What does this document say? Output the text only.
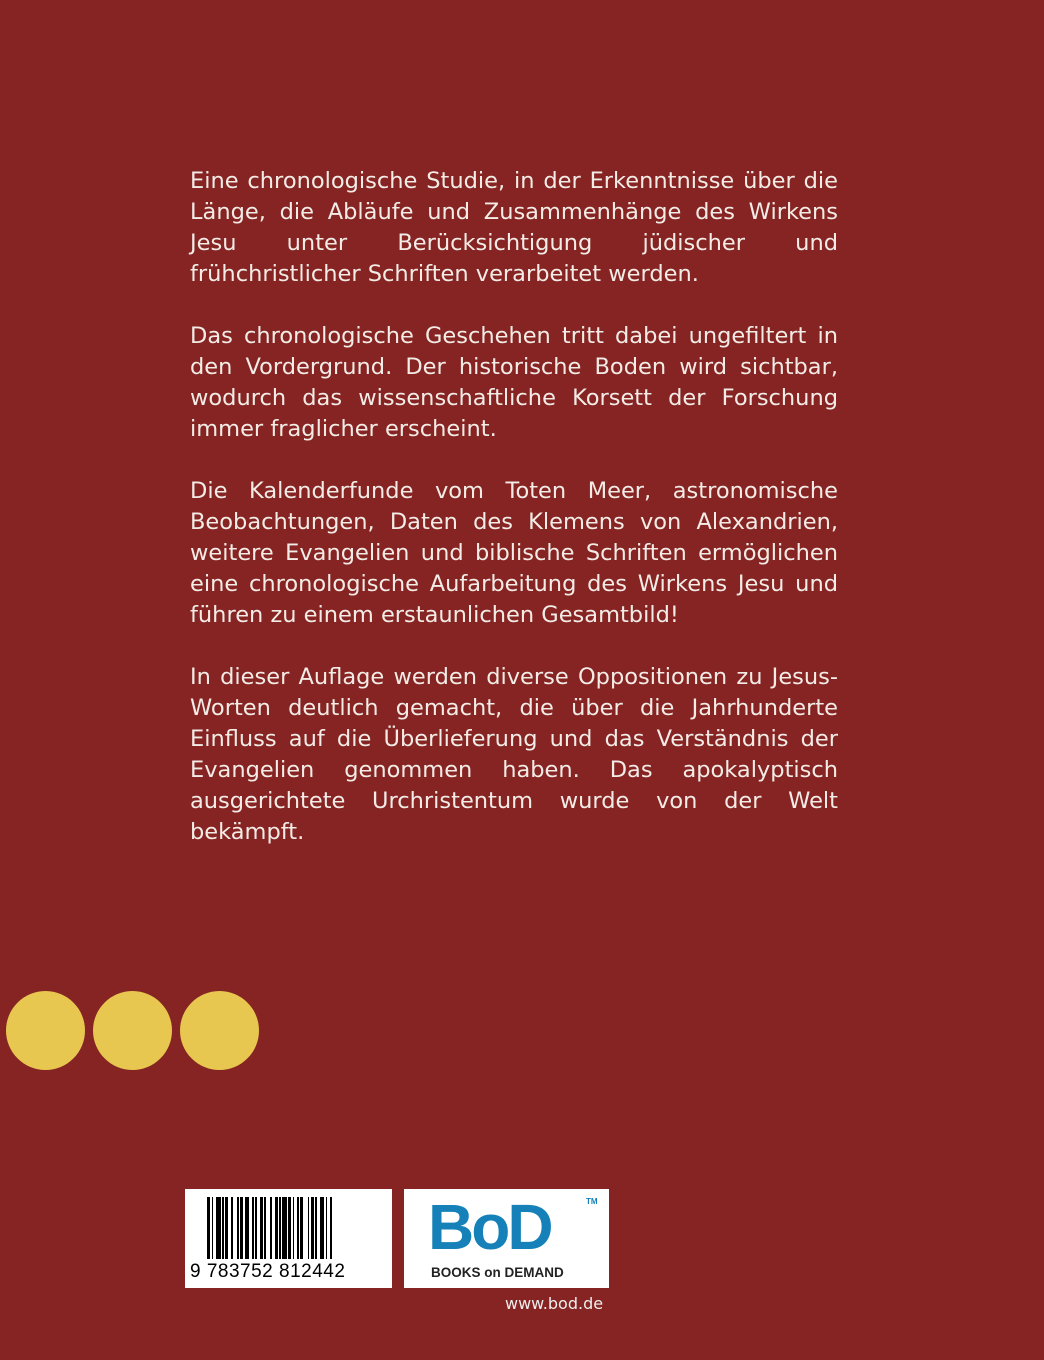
Eine chronologische Studie, in der Erkenntnisse über die Länge, die Abläufe und Zusammenhänge des Wirkens Jesu unter Berücksichtigung jüdischer und frühchristlicher Schriften verarbeitet werden.

Das chronologische Geschehen tritt dabei ungefiltert in den Vordergrund. Der historische Boden wird sichtbar, wodurch das wissenschaftliche Korsett der Forschung immer fraglicher erscheint.

Die Kalenderfunde vom Toten Meer, astronomische Beobachtungen, Daten des Klemens von Alexandrien, weitere Evangelien und biblische Schriften ermöglichen eine chronologische Aufarbeitung des Wirkens Jesu und führen zu einem erstaunlichen Gesamtbild!

In dieser Auflage werden diverse Oppositionen zu Jesus-Worten deutlich gemacht, die über die Jahrhunderte Einfluss auf die Überlieferung und das Verständnis der Evangelien genommen haben. Das apokalyptisch ausgerichtete Urchristentum wurde von der Welt bekämpft.

9 783752 812442
BoD	TM
BOOKS on DEMAND
www.bod.de
